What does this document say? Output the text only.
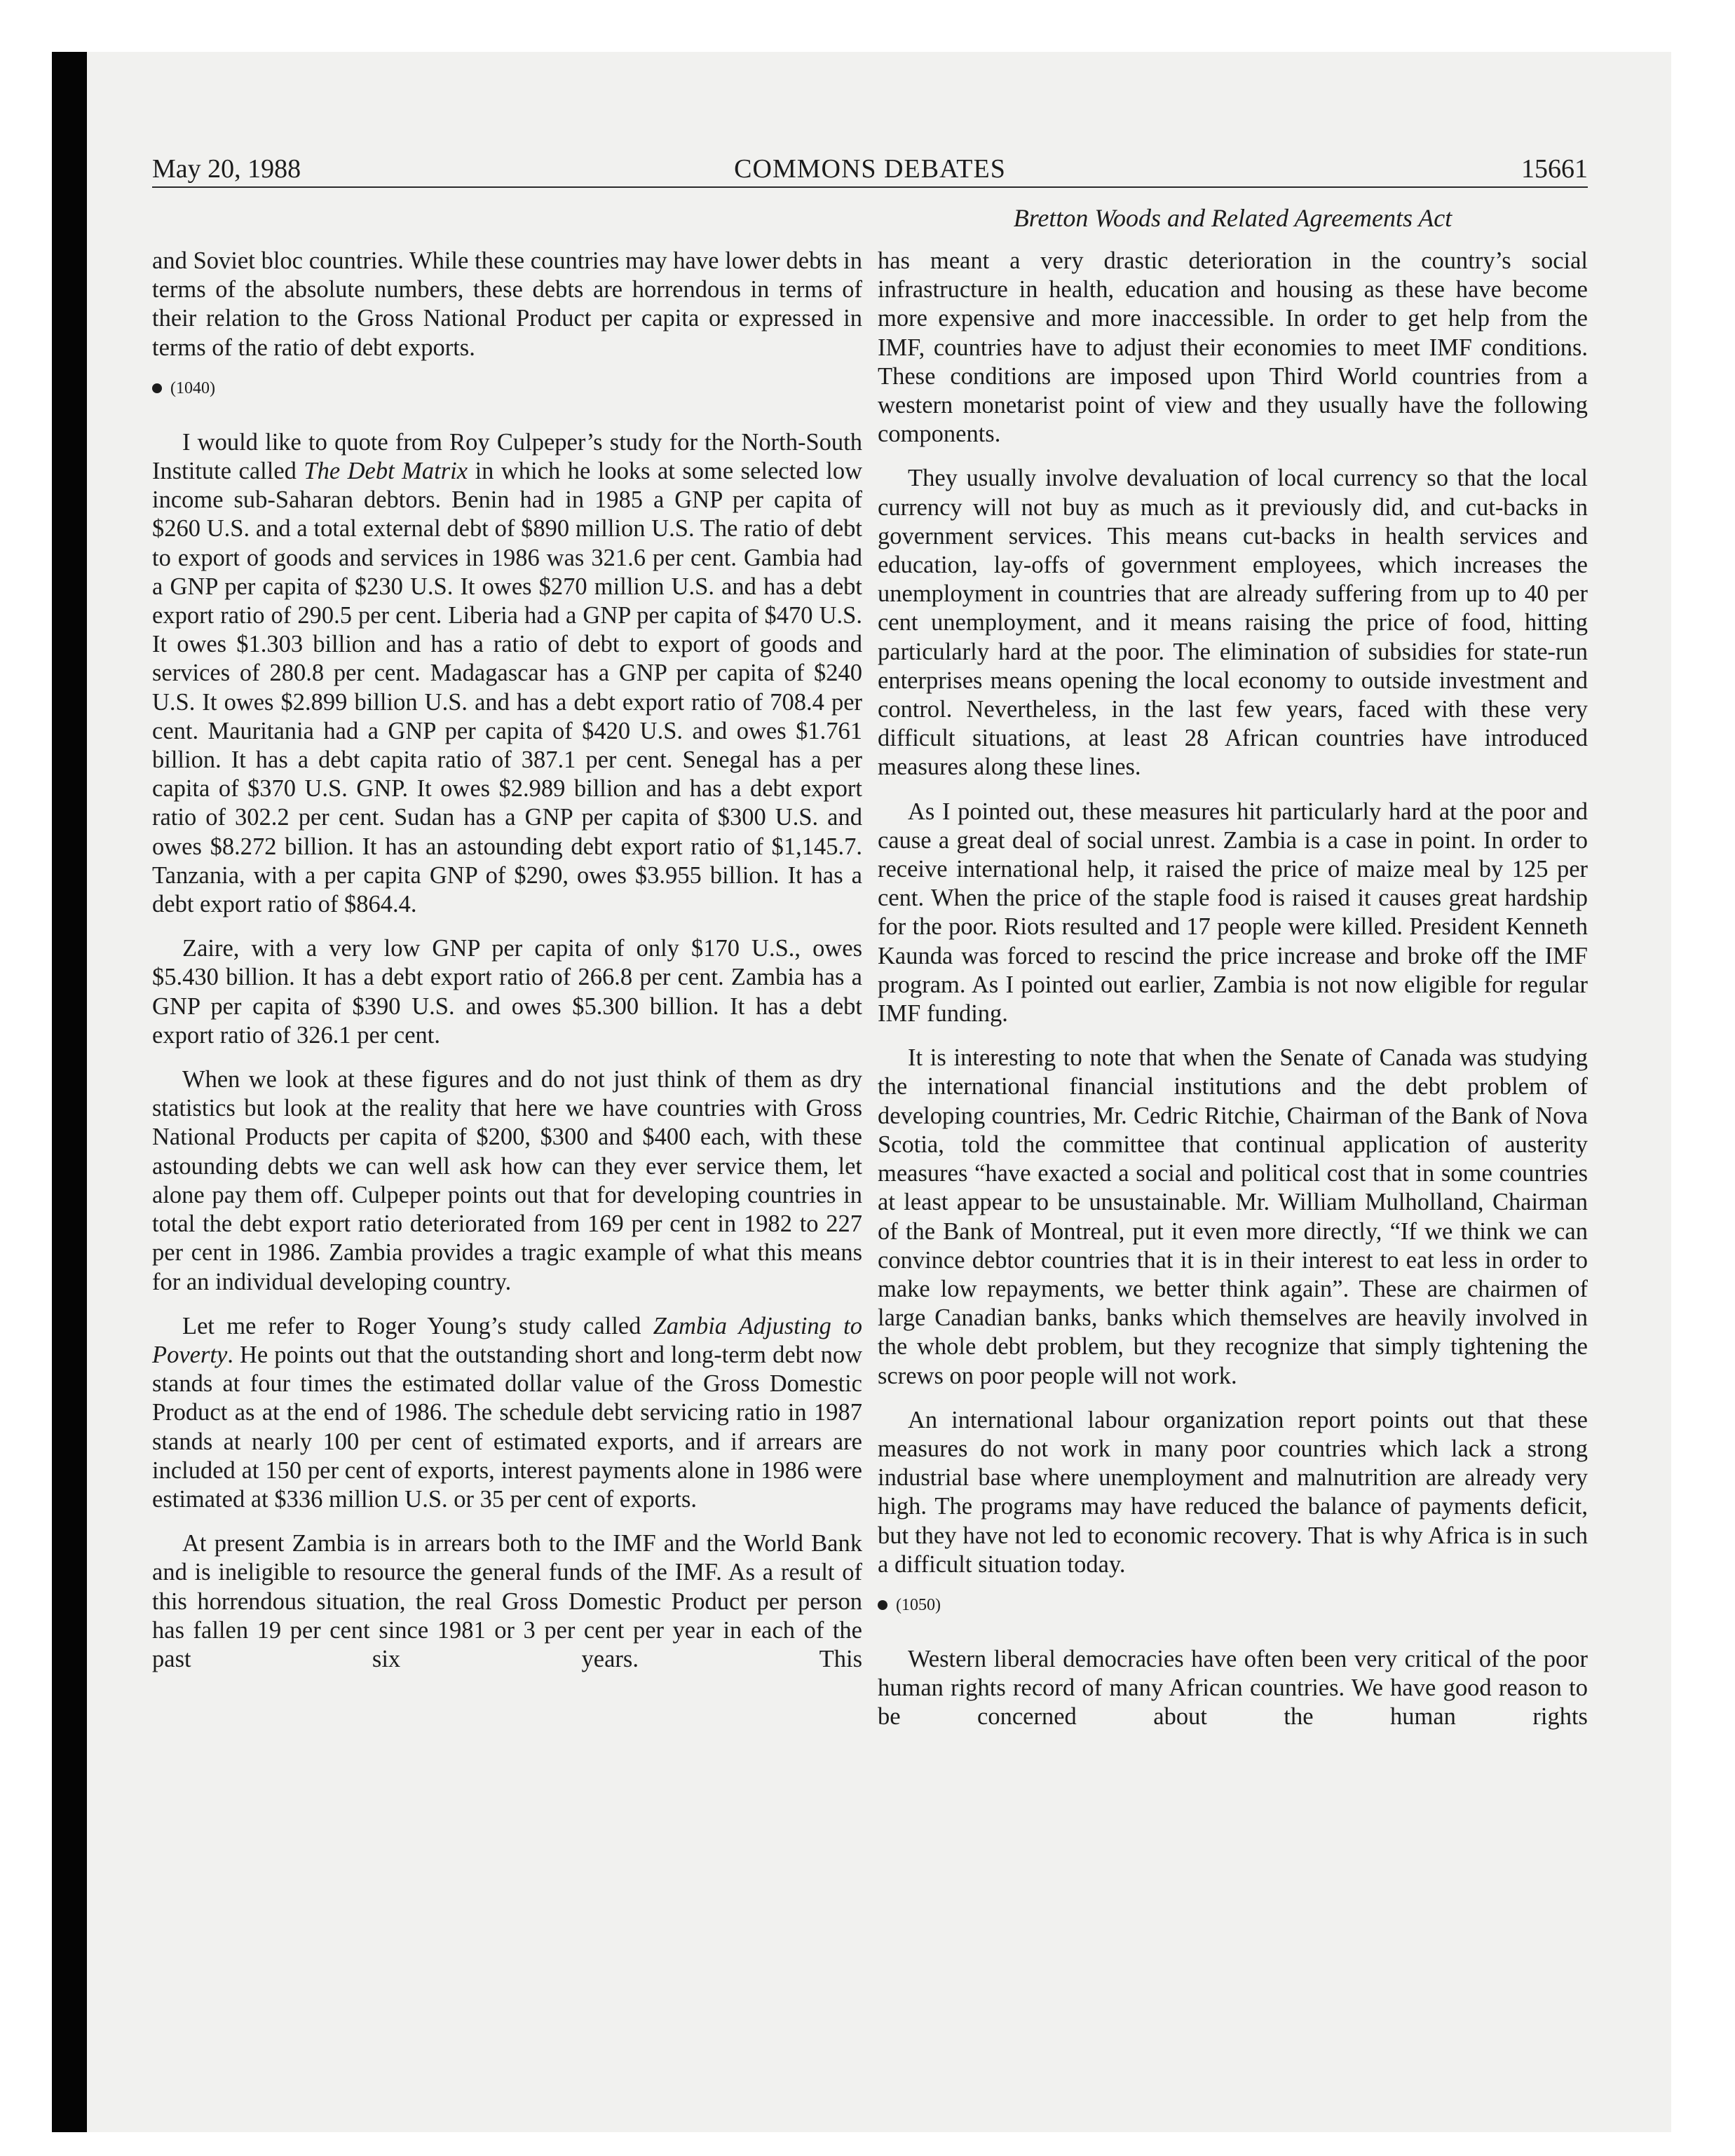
May 20, 1988	COMMONS DEBATES	15661
Bretton Woods and Related Agreements Act

and Soviet bloc countries. While these countries may have lower debts in terms of the absolute numbers, these debts are horrendous in terms of their relation to the Gross National Product per capita or expressed in terms of the ratio of debt exports.

(1040)

I would like to quote from Roy Culpeper’s study for the North-South Institute called The Debt Matrix in which he looks at some selected low income sub-Saharan debtors. Benin had in 1985 a GNP per capita of $260 U.S. and a total external debt of $890 million U.S. The ratio of debt to export of goods and services in 1986 was 321.6 per cent. Gambia had a GNP per capita of $230 U.S. It owes $270 million U.S. and has a debt export ratio of 290.5 per cent. Liberia had a GNP per capita of $470 U.S. It owes $1.303 billion and has a ratio of debt to export of goods and services of 280.8 per cent. Madagascar has a GNP per capita of $240 U.S. It owes $2.899 billion U.S. and has a debt export ratio of 708.4 per cent. Mauritania had a GNP per capita of $420 U.S. and owes $1.761 billion. It has a debt capita ratio of 387.1 per cent. Senegal has a per capita of $370 U.S. GNP. It owes $2.989 billion and has a debt export ratio of 302.2 per cent. Sudan has a GNP per capita of $300 U.S. and owes $8.272 billion. It has an astounding debt export ratio of $1,145.7. Tanzania, with a per capita GNP of $290, owes $3.955 billion. It has a debt export ratio of $864.4.

Zaire, with a very low GNP per capita of only $170 U.S., owes $5.430 billion. It has a debt export ratio of 266.8 per cent. Zambia has a GNP per capita of $390 U.S. and owes $5.300 billion. It has a debt export ratio of 326.1 per cent.

When we look at these figures and do not just think of them as dry statistics but look at the reality that here we have countries with Gross National Products per capita of $200, $300 and $400 each, with these astounding debts we can well ask how can they ever service them, let alone pay them off. Culpeper points out that for developing countries in total the debt export ratio deteriorated from 169 per cent in 1982 to 227 per cent in 1986. Zambia provides a tragic example of what this means for an individual developing country.

Let me refer to Roger Young’s study called Zambia Adjusting to Poverty. He points out that the outstanding short and long-term debt now stands at four times the estimated dollar value of the Gross Domestic Product as at the end of 1986. The schedule debt servicing ratio in 1987 stands at nearly 100 per cent of estimated exports, and if arrears are included at 150 per cent of exports, interest payments alone in 1986 were estimated at $336 million U.S. or 35 per cent of exports.

At present Zambia is in arrears both to the IMF and the World Bank and is ineligible to resource the general funds of the IMF. As a result of this horrendous situation, the real Gross Domestic Product per person has fallen 19 per cent since 1981 or 3 per cent per year in each of the past six years. This

has meant a very drastic deterioration in the country’s social infrastructure in health, education and housing as these have become more expensive and more inaccessible. In order to get help from the IMF, countries have to adjust their economies to meet IMF conditions. These conditions are imposed upon Third World countries from a western monetarist point of view and they usually have the following components.

They usually involve devaluation of local currency so that the local currency will not buy as much as it previously did, and cut-backs in government services. This means cut-backs in health services and education, lay-offs of government employees, which increases the unemployment in countries that are already suffering from up to 40 per cent unemployment, and it means raising the price of food, hitting particularly hard at the poor. The elimination of subsidies for state-run enterprises means opening the local economy to outside investment and control. Nevertheless, in the last few years, faced with these very difficult situations, at least 28 African countries have introduced measures along these lines.

As I pointed out, these measures hit particularly hard at the poor and cause a great deal of social unrest. Zambia is a case in point. In order to receive international help, it raised the price of maize meal by 125 per cent. When the price of the staple food is raised it causes great hardship for the poor. Riots resulted and 17 people were killed. President Kenneth Kaunda was forced to rescind the price increase and broke off the IMF program. As I pointed out earlier, Zambia is not now eligible for regular IMF funding.

It is interesting to note that when the Senate of Canada was studying the international financial institutions and the debt problem of developing countries, Mr. Cedric Ritchie, Chairman of the Bank of Nova Scotia, told the committee that continual application of austerity measures “have exacted a social and political cost that in some countries at least appear to be unsustainable. Mr. William Mulholland, Chairman of the Bank of Montreal, put it even more directly, “If we think we can convince debtor countries that it is in their interest to eat less in order to make low repayments, we better think again”. These are chairmen of large Canadian banks, banks which themselves are heavily involved in the whole debt problem, but they recognize that simply tightening the screws on poor people will not work.

An international labour organization report points out that these measures do not work in many poor countries which lack a strong industrial base where unemployment and malnutrition are already very high. The programs may have reduced the balance of payments deficit, but they have not led to economic recovery. That is why Africa is in such a difficult situation today.

(1050)

Western liberal democracies have often been very critical of the poor human rights record of many African countries. We have good reason to be concerned about the human rights
